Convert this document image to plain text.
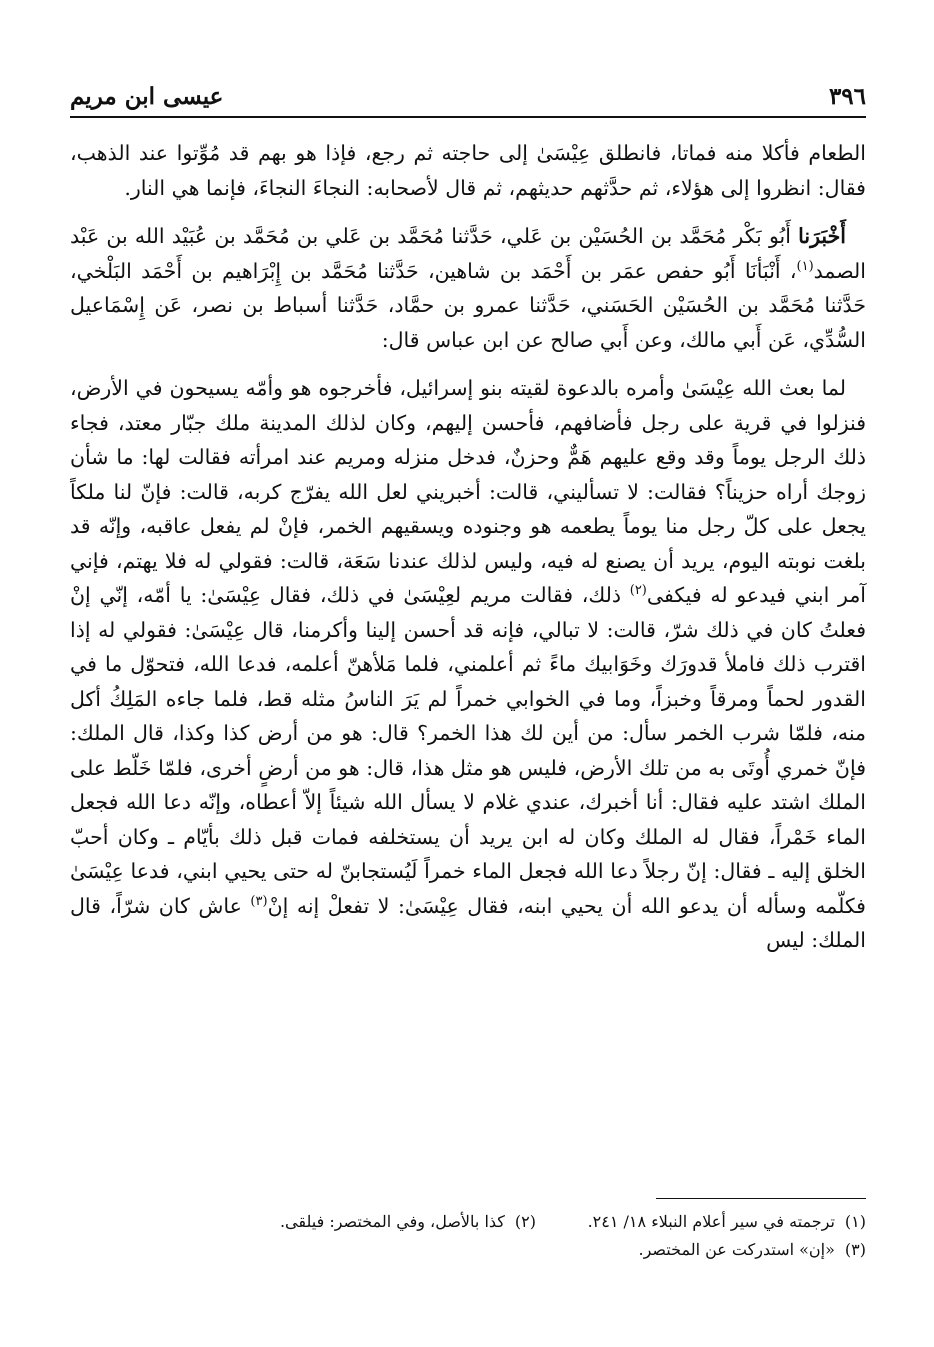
٣٩٦
عيسى ابن مريم

الطعام فأكلا منه فماتا، فانطلق عِيْسَىٰ إلى حاجته ثم رجع، فإذا هو بهم قد مُوِّتوا عند الذهب، فقال: انظروا إلى هؤلاء، ثم حدَّثهم حديثهم، ثم قال لأصحابه: النجاءَ النجاءَ، فإنما هي النار.

أَخْبَرَنا أَبُو بَكْر مُحَمَّد بن الحُسَيْن بن عَلي، حَدَّثنا مُحَمَّد بن عَلي بن مُحَمَّد بن عُبَيْد الله بن عَبْد الصمد$^{(١)}$، أَنْبَأنَا أَبُو حفص عمَر بن أَحْمَد بن شاهين، حَدَّثنا مُحَمَّد بن إِبْرَاهيم بن أَحْمَد البَلْخي، حَدَّثنا مُحَمَّد بن الحُسَيْن الحَسَني، حَدَّثنا عمرو بن حمَّاد، حَدَّثنا أسباط بن نصر، عَن إِسْمَاعيل السُّدِّي، عَن أَبي مالك، وعن أَبي صالح عن ابن عباس قال:

لما بعث الله عِيْسَىٰ وأمره بالدعوة لقيته بنو إسرائيل، فأخرجوه هو وأمّه يسيحون في الأرض، فنزلوا في قرية على رجل فأضافهم، فأحسن إليهم، وكان لذلك المدينة ملك جبّار معتد، فجاء ذلك الرجل يوماً وقد وقع عليهم هَمٌّ وحزنٌ، فدخل منزله ومريم عند امرأته فقالت لها: ما شأن زوجك أراه حزيناً؟ فقالت: لا تسأليني، قالت: أخبريني لعل الله يفرّج كربه، قالت: فإنّ لنا ملكاً يجعل على كلّ رجل منا يوماً يطعمه هو وجنوده ويسقيهم الخمر، فإنْ لم يفعل عاقبه، وإنّه قد بلغت نوبته اليوم، يريد أن يصنع له فيه، وليس لذلك عندنا سَعَة، قالت: فقولي له فلا يهتم، فإني آمر ابني فيدعو له فيكفى$^{(٢)}$ ذلك، فقالت مريم لعِيْسَىٰ في ذلك، فقال عِيْسَىٰ: يا أمّه، إنّي إنْ فعلتُ كان في ذلك شرّ، قالت: لا تبالي، فإنه قد أحسن إلينا وأكرمنا، قال عِيْسَىٰ: فقولي له إذا اقترب ذلك فاملأ قدورَك وخَوَابيك ماءً ثم أعلمني، فلما مَلأهنّ أعلمه، فدعا الله، فتحوّل ما في القدور لحماً ومرقاً وخبزاً، وما في الخوابي خمراً لم يَرَ الناسُ مثله قط، فلما جاءه المَلِكُ أكل منه، فلمّا شرب الخمر سأل: من أين لك هذا الخمر؟ قال: هو من أرض كذا وكذا، قال الملك: فإنّ خمري أُوتَى به من تلك الأرض، فليس هو مثل هذا، قال: هو من أرضٍ أخرى، فلمّا خَلّط على الملك اشتد عليه فقال: أنا أخبرك، عندي غلام لا يسأل الله شيئاً إلاّ أعطاه، وإنّه دعا الله فجعل الماء خَمْراً، فقال له الملك وكان له ابن يريد أن يستخلفه فمات قبل ذلك بأيّام ـ وكان أحبّ الخلق إليه ـ فقال: إنّ رجلاً دعا الله فجعل الماء خمراً لَيُستجابنّ له حتى يحيي ابني، فدعا عِيْسَىٰ فكلّمه وسأله أن يدعو الله أن يحيي ابنه، فقال عِيْسَىٰ: لا تفعلْ إنه إنْ$^{(٣)}$ عاش كان شرّاً، قال الملك: ليس

(١)ترجمته في سير أعلام النبلاء ١٨/ ٢٤١.

(٢)كذا بالأصل، وفي المختصر: فيلقى.

(٣)«إن» استدركت عن المختصر.
